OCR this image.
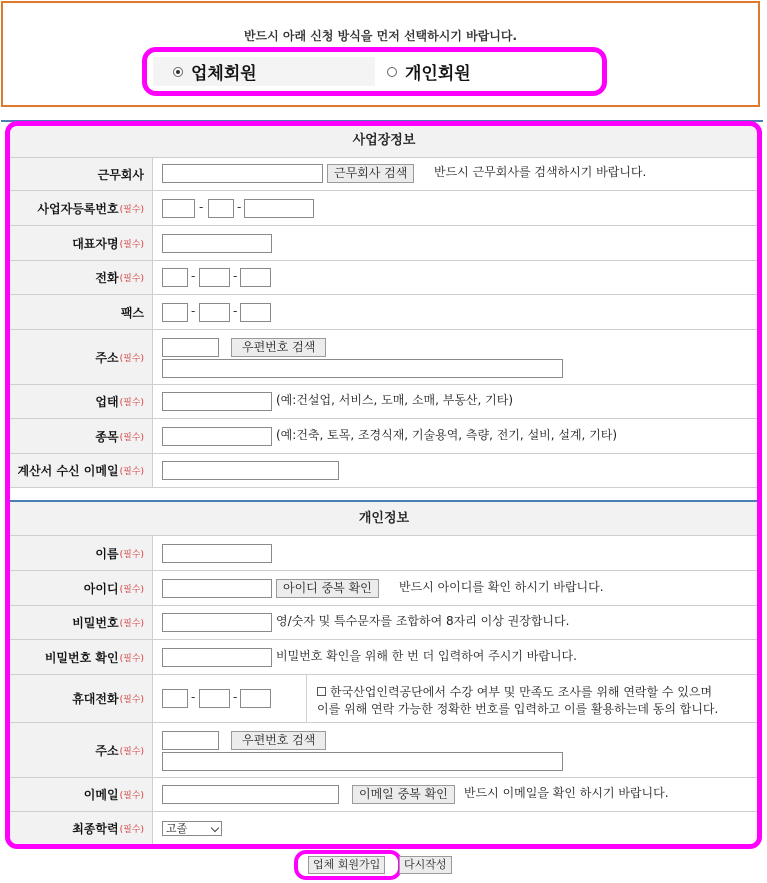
반드시 아래 신청 방식을 먼저 선택하시기 바랍니다.
업체회원	개인회원
사업장정보
근무회사	근무회사 검색	반드시 근무회사를 검색하시기 바랍니다.
사업자등록번호 (필수)	-	-
대표자명 (필수)
전화 (필수)	-	-
팩스	-	-
주소 (필수)
우편번호 검색
업태 (필수)	(예:건설업, 서비스, 도매, 소매, 부동산, 기타)
종목 (필수)	(예:건축, 토목, 조경식재, 기술용역, 측량, 전기, 설비, 설계, 기타)
계산서 수신 이메일 (필수)
개인정보
이름 (필수)
아이디 (필수)	아이디 중복 확인	반드시 아이디를 확인 하시기 바랍니다.
비밀번호 (필수)	영/숫자 및 특수문자를 조합하여 8자리 이상 권장합니다.
비밀번호 확인 (필수)	비밀번호 확인을 위해 한 번 더 입력하여 주시기 바랍니다.
휴대전화 (필수)	-	-	한국산업인력공단에서 수강 여부 및 만족도 조사를 위해 연락할 수 있으며
이를 위해 연락 가능한 정확한 번호를 입력하고 이를 활용하는데 동의 합니다.
주소 (필수)
우편번호 검색
이메일 (필수)	이메일 중복 확인	반드시 이메일을 확인 하시기 바랍니다.
최종학력 (필수)	고졸
업체 회원가입	다시작성
